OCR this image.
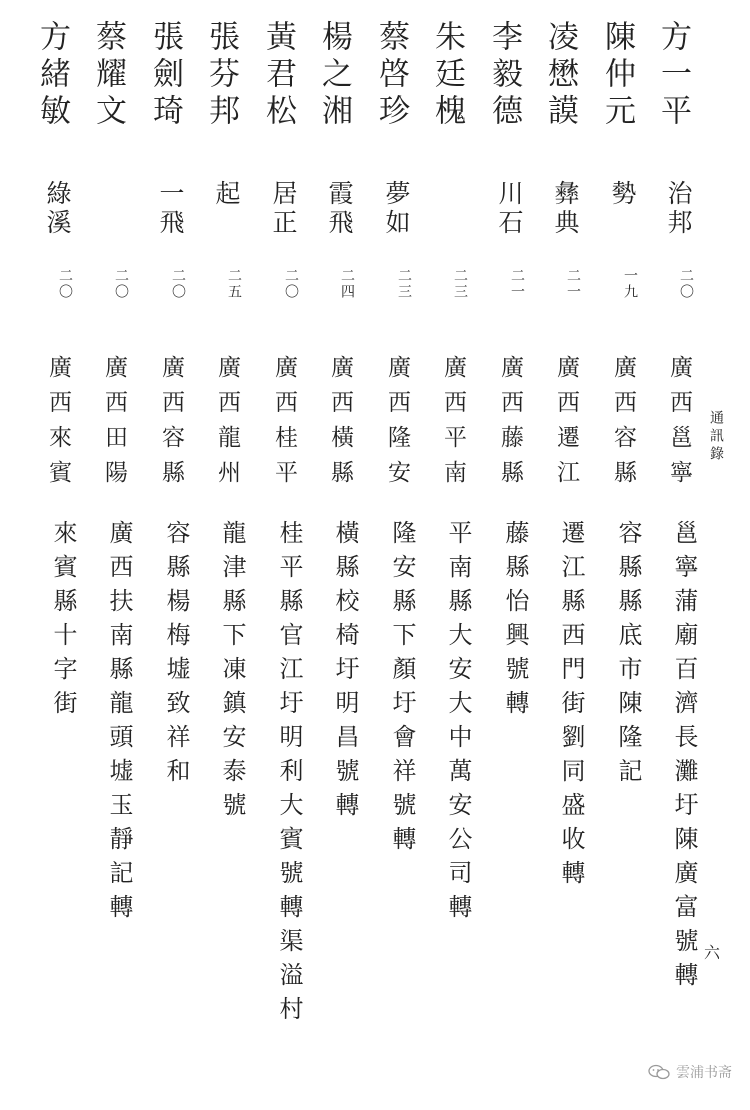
通訊錄
方一平
治邦
二〇
廣西邕寧
邕寧蒲廟百濟長灘圩陳廣富號轉
陳仲元
勢
一九
廣西容縣
容縣縣底市陳隆記
凌懋謨
彝典
二一
廣西遷江
遷江縣西門街劉同盛收轉
李毅德
川石
二一
廣西藤縣
藤縣怡興號轉
朱廷槐
二三
廣西平南
平南縣大安大中萬安公司轉
蔡啓珍
夢如
二三
廣西隆安
隆安縣下顏圩會祥號轉
楊之湘
霞飛
二四
廣西橫縣
橫縣校椅圩明昌號轉
黃君松
居正
二〇
廣西桂平
桂平縣官江圩明利大賓號轉渠溢村
張芬邦
起
二五
廣西龍州
龍津縣下凍鎮安泰號
張劍琦
一飛
二〇
廣西容縣
容縣楊梅墟致祥和
蔡耀文
二〇
廣西田陽
廣西扶南縣龍頭墟玉靜記轉
方緒敏
綠溪
二〇
廣西來賓
來賓縣十字街
六
雲浦书斋
